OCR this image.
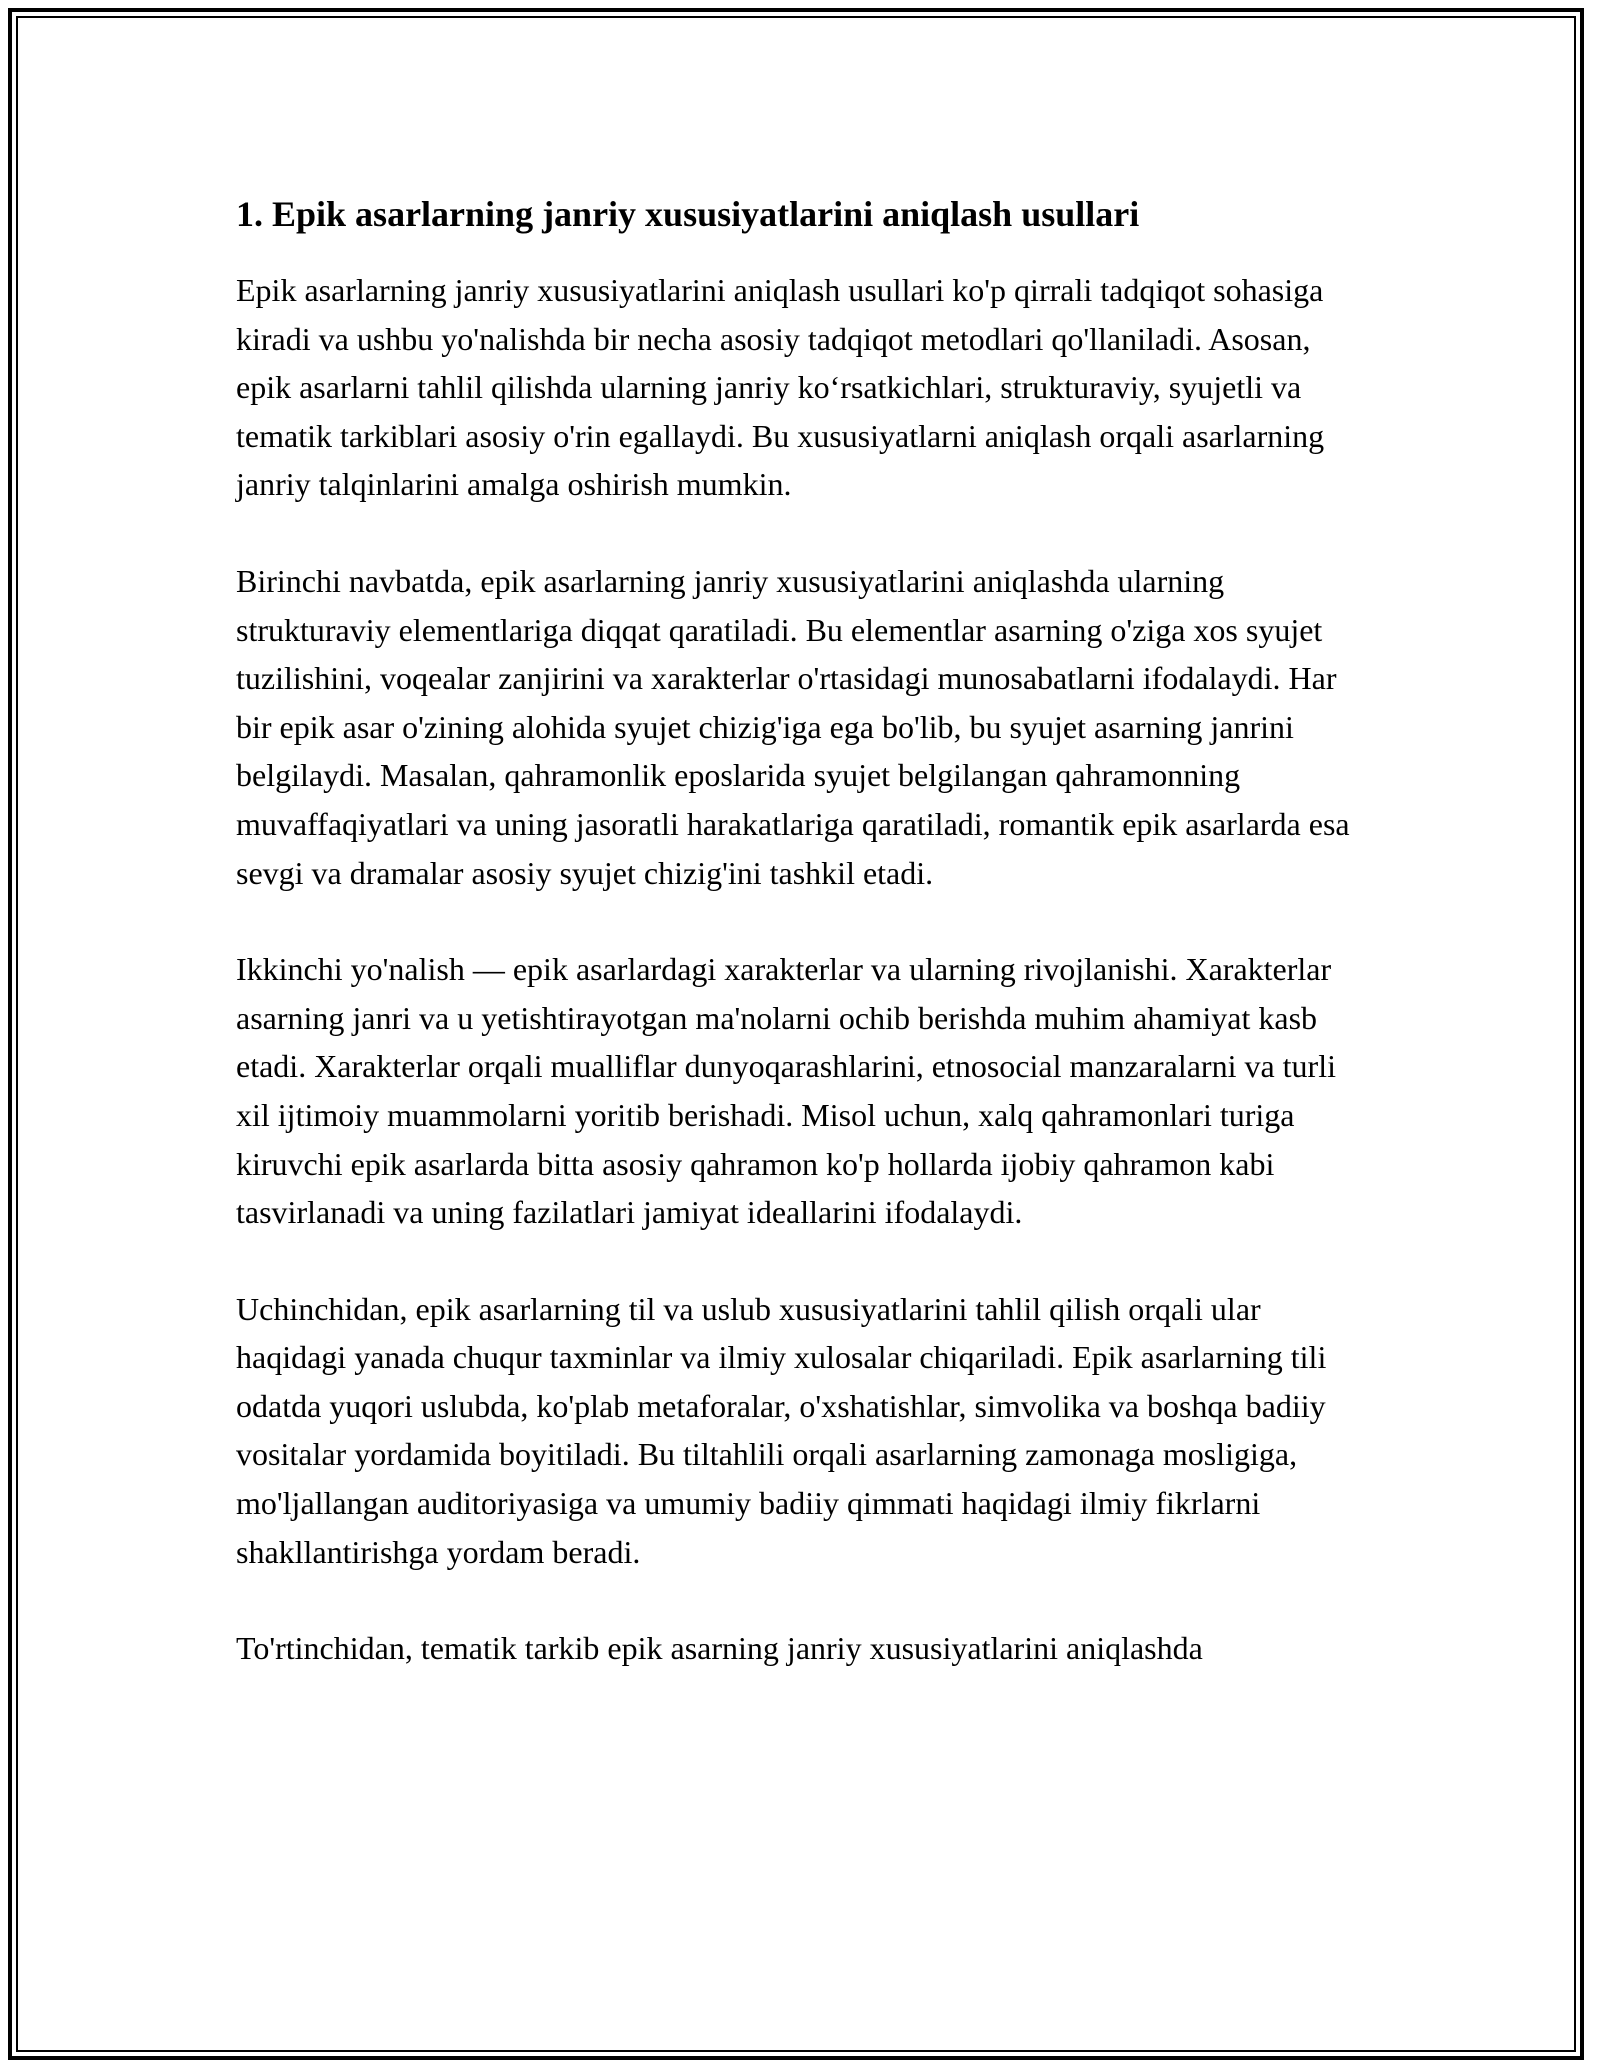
1. Epik asarlarning janriy xususiyatlarini aniqlash usullari

Epik asarlarning janriy xususiyatlarini aniqlash usullari ko'p qirrali tadqiqot sohasiga kiradi va ushbu yo'nalishda bir necha asosiy tadqiqot metodlari qo'llaniladi. Asosan, epik asarlarni tahlil qilishda ularning janriy ko‘rsatkichlari, strukturaviy, syujetli va tematik tarkiblari asosiy o'rin egallaydi. Bu xususiyatlarni aniqlash orqali asarlarning janriy talqinlarini amalga oshirish mumkin.

Birinchi navbatda, epik asarlarning janriy xususiyatlarini aniqlashda ularning strukturaviy elementlariga diqqat qaratiladi. Bu elementlar asarning o'ziga xos syujet tuzilishini, voqealar zanjirini va xarakterlar o'rtasidagi munosabatlarni ifodalaydi. Har bir epik asar o'zining alohida syujet chizig'iga ega bo'lib, bu syujet asarning janrini belgilaydi. Masalan, qahramonlik eposlarida syujet belgilangan qahramonning muvaffaqiyatlari va uning jasoratli harakatlariga qaratiladi, romantik epik asarlarda esa sevgi va dramalar asosiy syujet chizig'ini tashkil etadi.

Ikkinchi yo'nalish — epik asarlardagi xarakterlar va ularning rivojlanishi. Xarakterlar asarning janri va u yetishtirayotgan ma'nolarni ochib berishda muhim ahamiyat kasb etadi. Xarakterlar orqali mualliflar dunyoqarashlarini, etnosocial manzaralarni va turli xil ijtimoiy muammolarni yoritib berishadi. Misol uchun, xalq qahramonlari turiga kiruvchi epik asarlarda bitta asosiy qahramon ko'p hollarda ijobiy qahramon kabi tasvirlanadi va uning fazilatlari jamiyat ideallarini ifodalaydi.

Uchinchidan, epik asarlarning til va uslub xususiyatlarini tahlil qilish orqali ular haqidagi yanada chuqur taxminlar va ilmiy xulosalar chiqariladi. Epik asarlarning tili odatda yuqori uslubda, ko'plab metaforalar, o'xshatishlar, simvolika va boshqa badiiy vositalar yordamida boyitiladi. Bu tiltahlili orqali asarlarning zamonaga mosligiga, mo'ljallangan auditoriyasiga va umumiy badiiy qimmati haqidagi ilmiy fikrlarni shakllantirishga yordam beradi.

To'rtinchidan, tematik tarkib epik asarning janriy xususiyatlarini aniqlashda
